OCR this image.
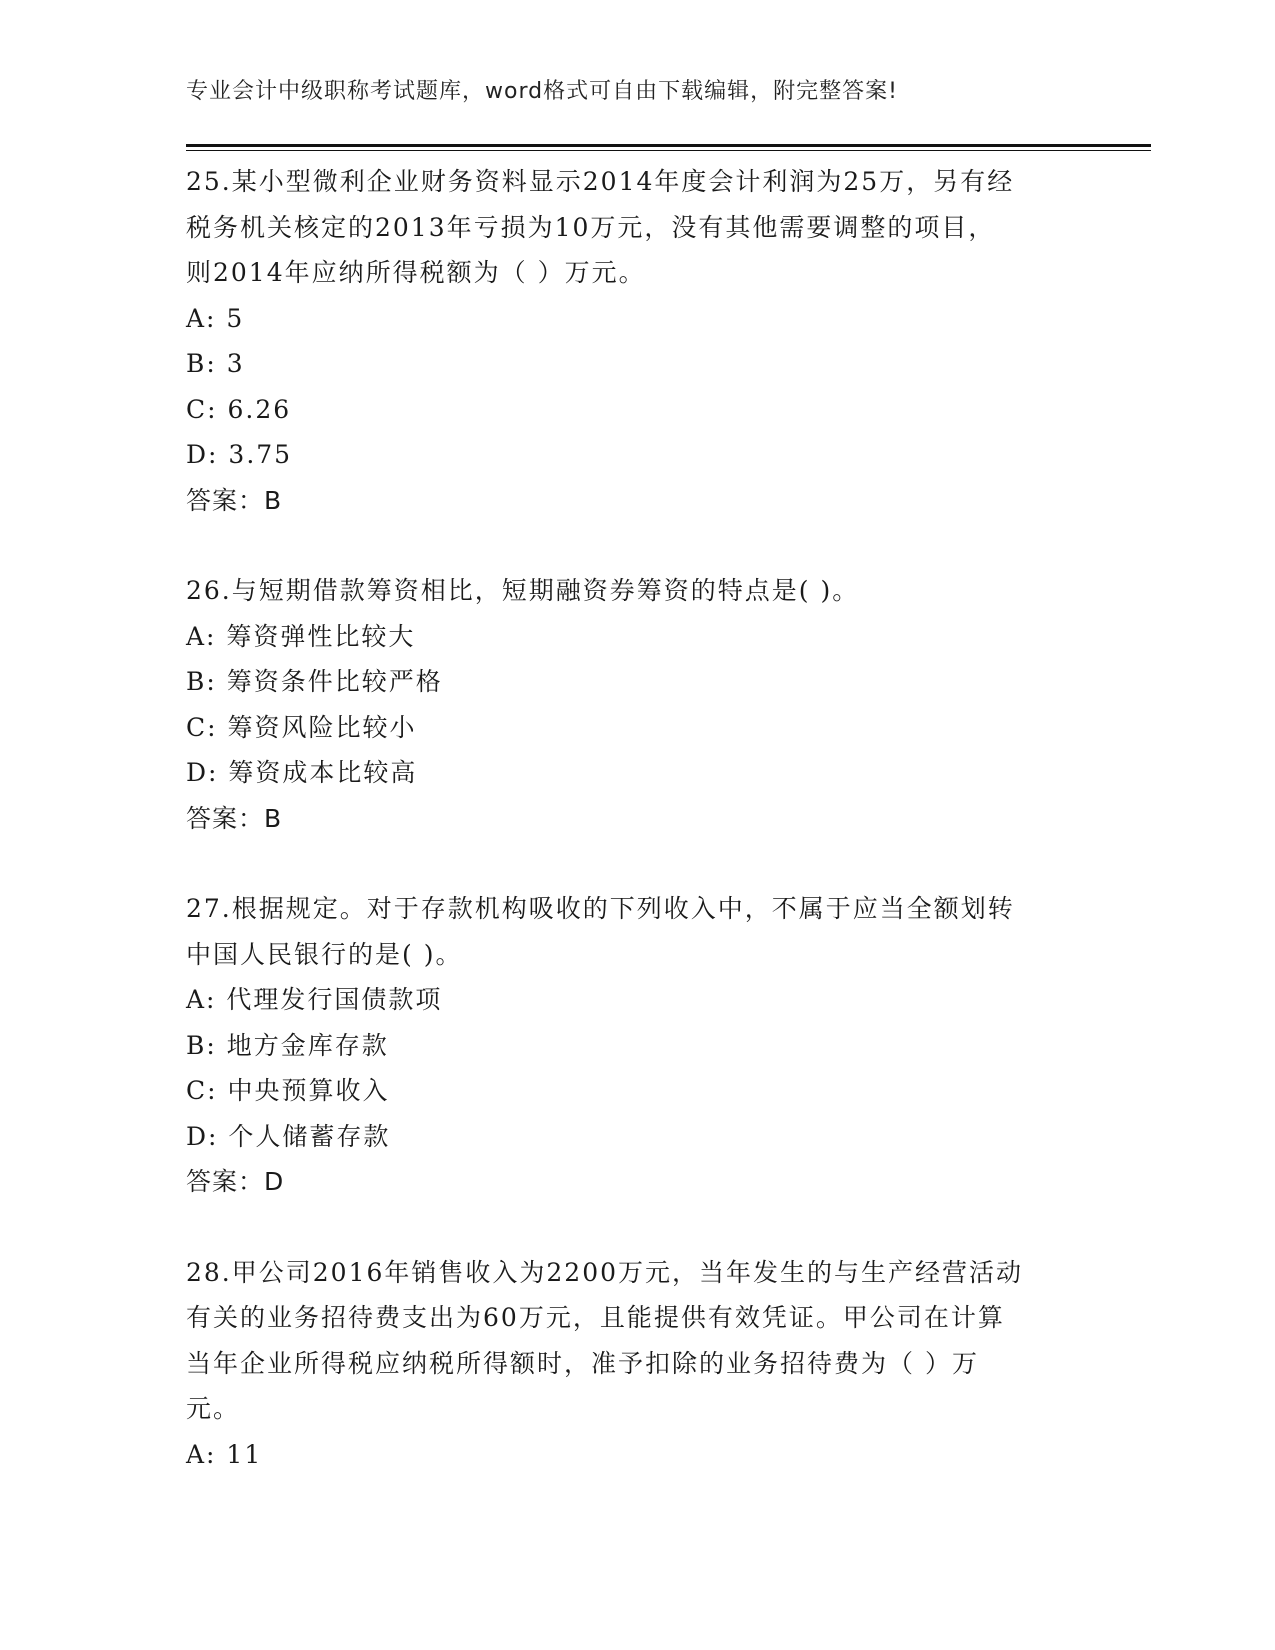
专业会计中级职称考试题库，word格式可自由下载编辑，附完整答案!

25.某小型微利企业财务资料显示2014年度会计利润为25万，另有经

税务机关核定的2013年亏损为10万元，没有其他需要调整的项目，

则2014年应纳所得税额为（ ）万元。

A: 5

B: 3

C: 6.26

D: 3.75

答案：B

26.与短期借款筹资相比，短期融资券筹资的特点是( )。

A: 筹资弹性比较大

B: 筹资条件比较严格

C: 筹资风险比较小

D: 筹资成本比较高

答案：B

27.根据规定。对于存款机构吸收的下列收入中，不属于应当全额划转

中国人民银行的是( )。

A: 代理发行国债款项

B: 地方金库存款

C: 中央预算收入

D: 个人储蓄存款

答案：D

28.甲公司2016年销售收入为2200万元，当年发生的与生产经营活动

有关的业务招待费支出为60万元，且能提供有效凭证。甲公司在计算

当年企业所得税应纳税所得额时，准予扣除的业务招待费为（ ）万

元。

A: 11
